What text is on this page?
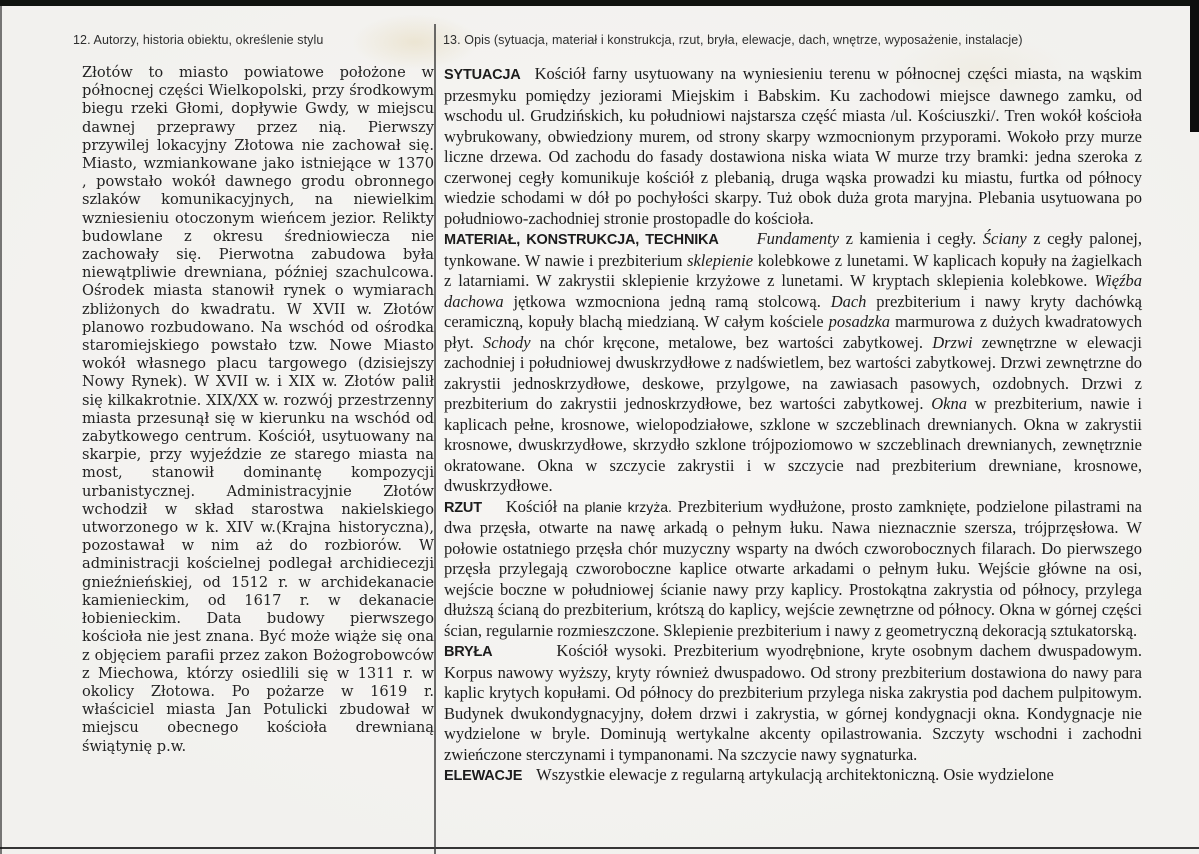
12. Autorzy, historia obiektu, określenie stylu	13. Opis (sytuacja, materiał i konstrukcja, rzut, bryła, elewacje, dach, wnętrze, wyposażenie, instalacje)

Złotów to miasto powiatowe położone w północnej części Wielkopolski, przy środkowym biegu rzeki Głomi, dopływie Gwdy, w miejscu dawnej przeprawy przez nią. Pierwszy przywilej lokacyjny Złotowa nie zachował się. Miasto, wzmiankowane jako istniejące w 1370 , powstało wokół dawnego grodu obronnego szlaków komunikacyjnych, na niewielkim wzniesieniu otoczonym wieńcem jezior. Relikty budowlane z okresu średniowiecza nie zachowały się. Pierwotna zabudowa była niewątpliwie drewniana, później szachulcowa. Ośrodek miasta stanowił rynek o wymiarach zbliżonych do kwadratu. W XVII w. Złotów planowo rozbudowano. Na wschód od ośrodka staromiejskiego powstało tzw. Nowe Miasto wokół własnego placu targowego (dzisiejszy Nowy Rynek). W XVII w. i XIX w. Złotów palił się kilkakrotnie. XIX/XX w. rozwój przestrzenny miasta przesunął się w kierunku na wschód od zabytkowego centrum. Kościół, usytuowany na skarpie, przy wyjeździe ze starego miasta na most, stanowił dominantę kompozycji urbanistycznej. Administracyjnie Złotów wchodził w skład starostwa nakielskiego utworzonego w k. XIV w.(Krajna historyczna), pozostawał w nim aż do rozbiorów. W administracji kościelnej podlegał archidiecezji gnieźnieńskiej, od 1512 r. w archidekanacie kamienieckim, od 1617 r. w dekanacie łobienieckim. Data budowy pierwszego kościoła nie jest znana. Być może wiąże się ona z objęciem parafii przez zakon Bożogrobowców z Miechowa, którzy osiedlili się w 1311 r. w okolicy Złotowa. Po pożarze w 1619 r. właściciel miasta Jan Potulicki zbudował w miejscu obecnego kościoła drewnianą świątynię p.w.

SYTUACJA Kościół farny usytuowany na wyniesieniu terenu w północnej części miasta, na wąskim przesmyku pomiędzy jeziorami Miejskim i Babskim. Ku zachodowi miejsce dawnego zamku, od wschodu ul. Grudzińskich, ku południowi najstarsza część miasta /ul. Kościuszki/. Tren wokół kościoła wybrukowany, obwiedziony murem, od strony skarpy wzmocnionym przyporami. Wokoło przy murze liczne drzewa. Od zachodu do fasady dostawiona niska wiata W murze trzy bramki: jedna szeroka z czerwonej cegły komunikuje kościół z plebanią, druga wąska prowadzi ku miastu, furtka od północy wiedzie schodami w dół po pochyłości skarpy. Tuż obok duża grota maryjna. Plebania usytuowana po południowo-zachodniej stronie prostopadle do kościoła.

MATERIAŁ, KONSTRUKCJA, TECHNIKA Fundamenty z kamienia i cegły. Ściany z cegły palonej, tynkowane. W nawie i prezbiterium sklepienie kolebkowe z lunetami. W kaplicach kopuły na żagielkach z latarniami. W zakrystii sklepienie krzyżowe z lunetami. W kryptach sklepienia kolebkowe. Więźba dachowa jętkowa wzmocniona jedną ramą stolcową. Dach prezbiterium i nawy kryty dachówką ceramiczną, kopuły blachą miedzianą. W całym kościele posadzka marmurowa z dużych kwadratowych płyt. Schody na chór kręcone, metalowe, bez wartości zabytkowej. Drzwi zewnętrzne w elewacji zachodniej i południowej dwuskrzydłowe z nadświetlem, bez wartości zabytkowej. Drzwi zewnętrzne do zakrystii jednoskrzydłowe, deskowe, przylgowe, na zawiasach pasowych, ozdobnych. Drzwi z prezbiterium do zakrystii jednoskrzydłowe, bez wartości zabytkowej. Okna w prezbiterium, nawie i kaplicach pełne, krosnowe, wielopodziałowe, szklone w szczeblinach drewnianych. Okna w zakrystii krosnowe, dwuskrzydłowe, skrzydło szklone trójpoziomowo w szczeblinach drewnianych, zewnętrznie okratowane. Okna w szczycie zakrystii i w szczycie nad prezbiterium drewniane, krosnowe, dwuskrzydłowe.

RZUT Kościół na planie krzyża. Prezbiterium wydłużone, prosto zamknięte, podzielone pilastrami na dwa przęsła, otwarte na nawę arkadą o pełnym łuku. Nawa nieznacznie szersza, trójprzęsłowa. W połowie ostatniego przęsła chór muzyczny wsparty na dwóch czworobocznych filarach. Do pierwszego przęsła przylegają czworoboczne kaplice otwarte arkadami o pełnym łuku. Wejście główne na osi, wejście boczne w południowej ścianie nawy przy kaplicy. Prostokątna zakrystia od północy, przylega dłuższą ścianą do prezbiterium, krótszą do kaplicy, wejście zewnętrzne od północy. Okna w górnej części ścian, regularnie rozmieszczone. Sklepienie prezbiterium i nawy z geometryczną dekoracją sztukatorską.

BRYŁA	Kościół wysoki. Prezbiterium wyodrębnione, kryte osobnym dachem dwuspadowym. Korpus nawowy wyższy, kryty również dwuspadowo. Od strony prezbiterium dostawiona do nawy para kaplic krytych kopułami. Od północy do prezbiterium przylega niska zakrystia pod dachem pulpitowym. Budynek dwukondygnacyjny, dołem drzwi i zakrystia, w górnej kondygnacji okna. Kondygnacje nie wydzielone w bryle. Dominują wertykalne akcenty opilastrowania. Szczyty wschodni i zachodni zwieńczone sterczynami i tympanonami. Na szczycie nawy sygnaturka.

ELEWACJE Wszystkie elewacje z regularną artykulacją architektoniczną. Osie wydzielone
